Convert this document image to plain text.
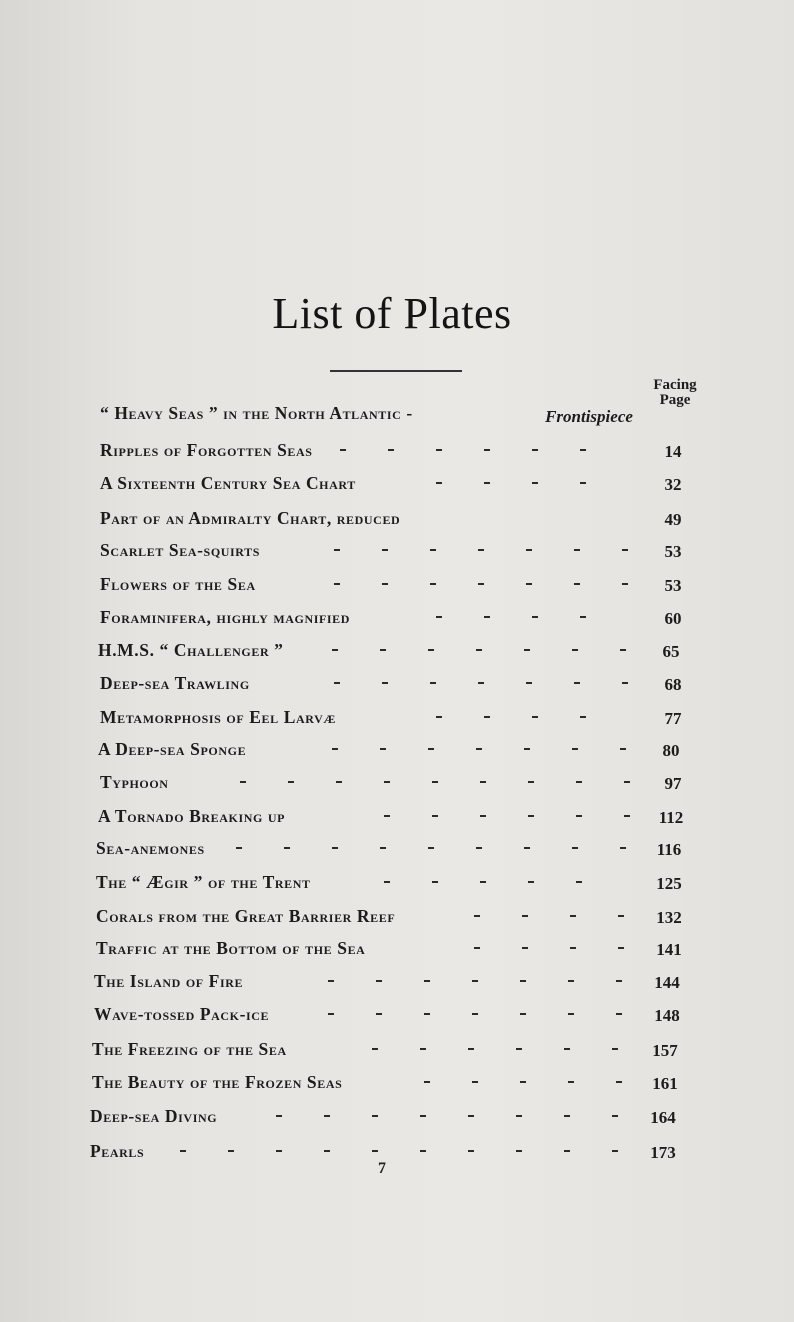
List of Plates
Facing
Page
“ Heavy Seas ” in the North Atlantic -	Frontispiece
Ripples of Forgotten Seas	14
A Sixteenth Century Sea Chart	32
Part of an Admiralty Chart, reduced	49
Scarlet Sea-squirts	53
Flowers of the Sea	53
Foraminifera, highly magnified	60
H.M.S. “ Challenger ”	65
Deep-sea Trawling	68
Metamorphosis of Eel Larvæ	77
A Deep-sea Sponge	80
Typhoon	97
A Tornado Breaking up	112
Sea-anemones	116
The “ Ægir ” of the Trent	125
Corals from the Great Barrier Reef	132
Traffic at the Bottom of the Sea	141
The Island of Fire	144
Wave-tossed Pack-ice	148
The Freezing of the Sea	157
The Beauty of the Frozen Seas	161
Deep-sea Diving	164
Pearls	173
7
